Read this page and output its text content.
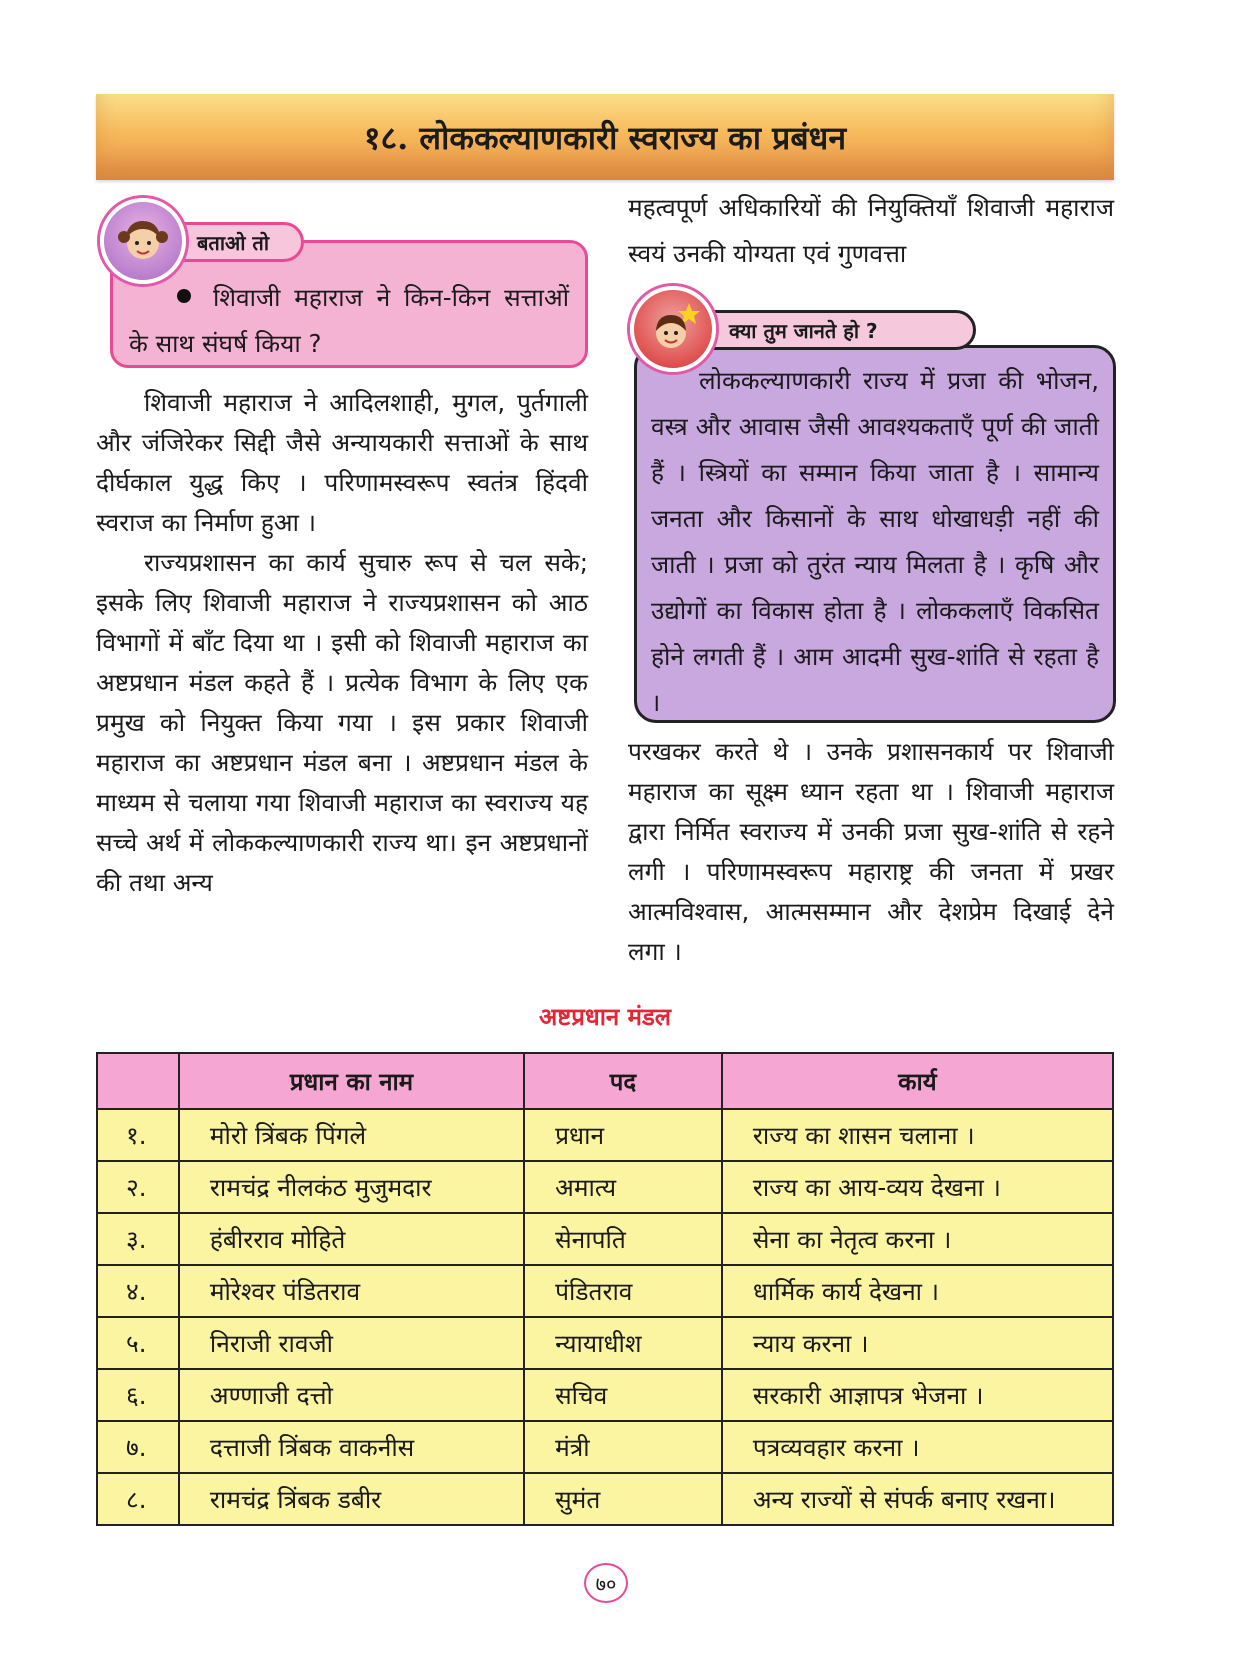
१८. लोककल्याणकारी स्वराज्य का प्रबंधन
शिवाजी महाराज ने किन-किन सत्ताओं के साथ संघर्ष किया ?
बताओ तो

शिवाजी महाराज ने आदिलशाही, मुगल, पुर्तगाली और जंजिरेकर सिद्दी जैसे अन्यायकारी सत्ताओं के साथ दीर्घकाल युद्ध किए । परिणामस्वरूप स्वतंत्र हिंदवी स्वराज का निर्माण हुआ ।

राज्यप्रशासन का कार्य सुचारु रूप से चल सके; इसके लिए शिवाजी महाराज ने राज्यप्रशासन को आठ विभागों में बाँट दिया था । इसी को शिवाजी महाराज का अष्टप्रधान मंडल कहते हैं । प्रत्येक विभाग के लिए एक प्रमुख को नियुक्त किया गया । इस प्रकार शिवाजी महाराज का अष्टप्रधान मंडल बना । अष्टप्रधान मंडल के माध्यम से चलाया गया शिवाजी महाराज का स्वराज्य यह सच्चे अर्थ में लोककल्याणकारी राज्य था। इन अष्टप्रधानों की तथा अन्य

महत्वपूर्ण अधिकारियों की नियुक्तियाँ शिवाजी महाराज स्वयं उनकी योग्यता एवं गुणवत्ता

लोककल्याणकारी राज्य में प्रजा की भोजन, वस्त्र और आवास जैसी आवश्यकताएँ पूर्ण की जाती हैं । स्त्रियों का सम्मान किया जाता है । सामान्य जनता और किसानों के साथ धोखाधड़ी नहीं की जाती । प्रजा को तुरंत न्याय मिलता है । कृषि और उद्योगों का विकास होता है । लोककलाएँ विकसित होने लगती हैं । आम आदमी सुख-शांति से रहता है ।

क्या तुम जानते हो ?

परखकर करते थे । उनके प्रशासनकार्य पर शिवाजी महाराज का सूक्ष्म ध्यान रहता था । शिवाजी महाराज द्वारा निर्मित स्वराज्य में उनकी प्रजा सुख-शांति से रहने लगी । परिणामस्वरूप महाराष्ट्र की जनता में प्रखर आत्मविश्वास, आत्मसम्मान और देशप्रेम दिखाई देने लगा ।

अष्टप्रधान मंडल
	प्रधान का नाम	पद	कार्य
१.	मोरो त्रिंबक पिंगले	प्रधान	राज्य का शासन चलाना ।
२.	रामचंद्र नीलकंठ मुजुमदार	अमात्य	राज्य का आय-व्यय देखना ।
३.	हंबीरराव मोहिते	सेनापति	सेना का नेतृत्व करना ।
४.	मोरेश्वर पंडितराव	पंडितराव	धार्मिक कार्य देखना ।
५.	निराजी रावजी	न्यायाधीश	न्याय करना ।
६.	अण्णाजी दत्तो	सचिव	सरकारी आज्ञापत्र भेजना ।
७.	दत्ताजी त्रिंबक वाकनीस	मंत्री	पत्रव्यवहार करना ।
८.	रामचंद्र त्रिंबक डबीर	सुमंत	अन्य राज्यों से संपर्क बनाए रखना।
७०
